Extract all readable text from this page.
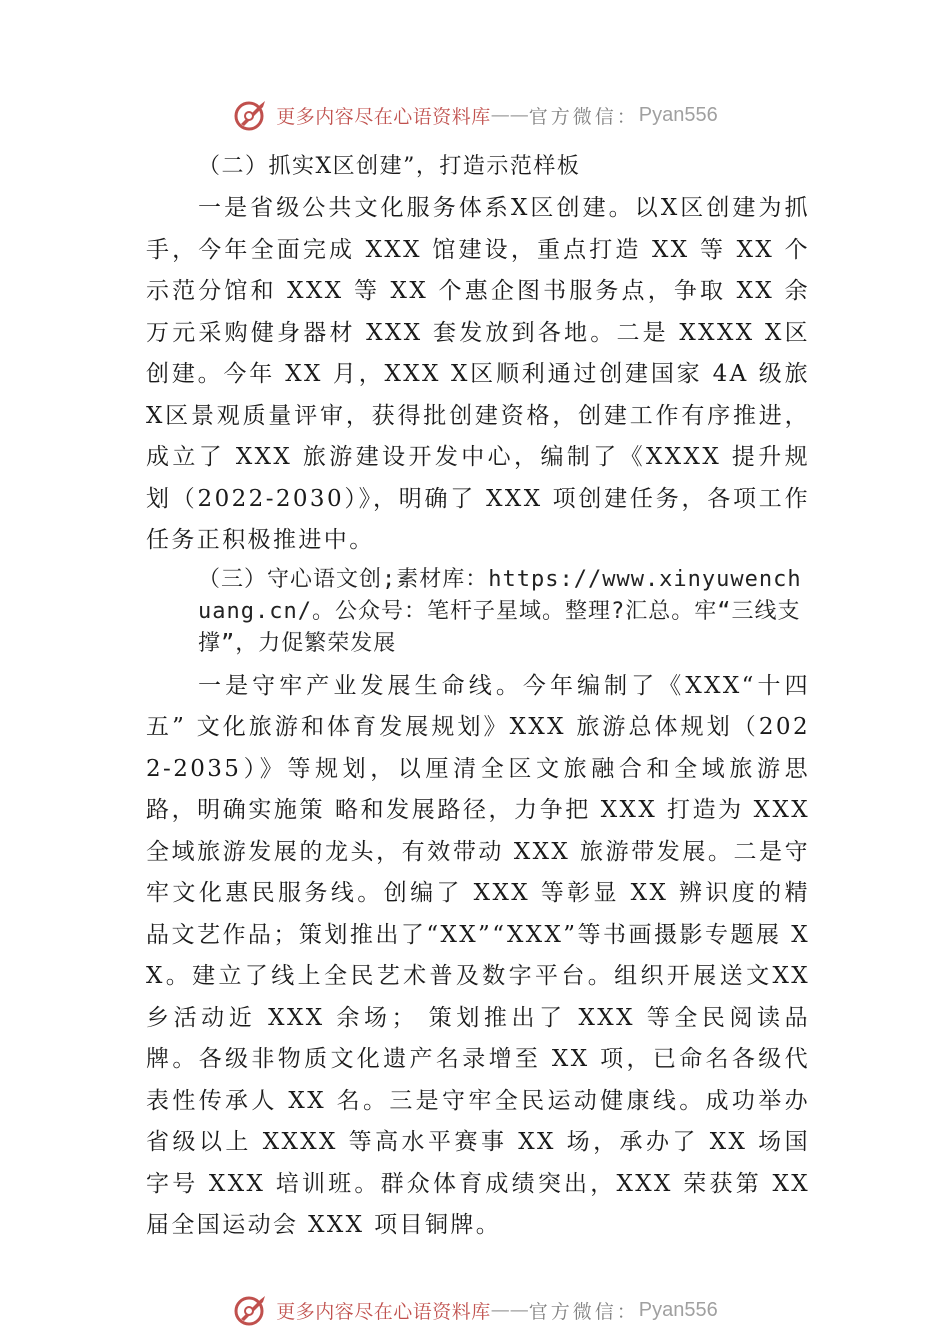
更多内容尽在心语资料库 —— 官方微信： Pyan556

（二）抓实X区创建”，打造示范样板

一是省级公共文化服务体系X区创建。以X区创建为抓手，今年全面完成 XXX 馆建设，重点打造 XX 等 XX 个示范分馆和 XXX 等 XX 个惠企图书服务点，争取 XX 余万元采购健身器材 XXX 套发放到各地。二是 XXXX X区创建。今年 XX 月，XXX X区顺利通过创建国家 4A 级旅X区景观质量评审，获得批创建资格，创建工作有序推进， 成立了 XXX 旅游建设开发中心，编制了《XXXX 提升规划（2022-2030）》，明确了 XXX 项创建任务，各项工作任务正积极推进中。

（三）守心语文创;素材库：https://www.xinyuwenchuang.cn/。公众号：笔杆子星域。整理?汇总。牢“三线支撑”，力促繁荣发展

一是守牢产业发展生命线。今年编制了《XXX“十四五” 文化旅游和体育发展规划》XXX 旅游总体规划（2022-2035）》等规划，以厘清全区文旅融合和全域旅游思路，明确实施策 略和发展路径，力争把 XXX 打造为 XXX 全域旅游发展的龙头，有效带动 XXX 旅游带发展。二是守牢文化惠民服务线。创编了 XXX 等彰显 XX 辨识度的精品文艺作品；策划推出了“XX”“XXX”等书画摄影专题展 XX。建立了线上全民艺术普及数字平台。组织开展送文XX乡活动近 XXX 余场； 策划推出了 XXX 等全民阅读品牌。各级非物质文化遗产名录增至 XX 项，已命名各级代表性传承人 XX 名。三是守牢全民运动健康线。成功举办省级以上 XXXX 等高水平赛事 XX 场，承办了 XX 场国字号 XXX 培训班。群众体育成绩突出，XXX 荣获第 XX 届全国运动会 XXX 项目铜牌。

更多内容尽在心语资料库 —— 官方微信： Pyan556
